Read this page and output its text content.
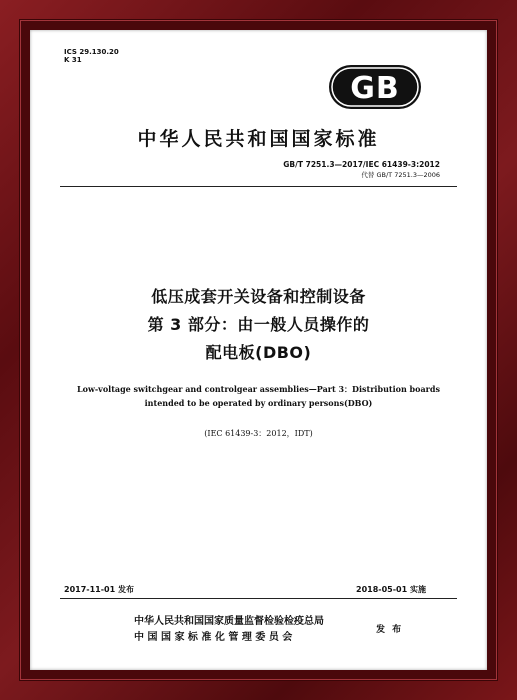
ICS 29.130.20
K 31
GB
中华人民共和国国家标准
GB/T 7251.3—2017/IEC 61439-3:2012
代替 GB/T 7251.3—2006
低压成套开关设备和控制设备
第 3 部分：由一般人员操作的
配电板(DBO)
Low-voltage switchgear and controlgear assemblies—Part 3：Distribution boards
intended to be operated by ordinary persons(DBO)
(IEC 61439-3：2012，IDT)
2017-11-01 发布	2018-05-01 实施
中华人民共和国国家质量监督检验检疫总局
中 国 国 家 标 准 化 管 理 委 员 会
发 布
